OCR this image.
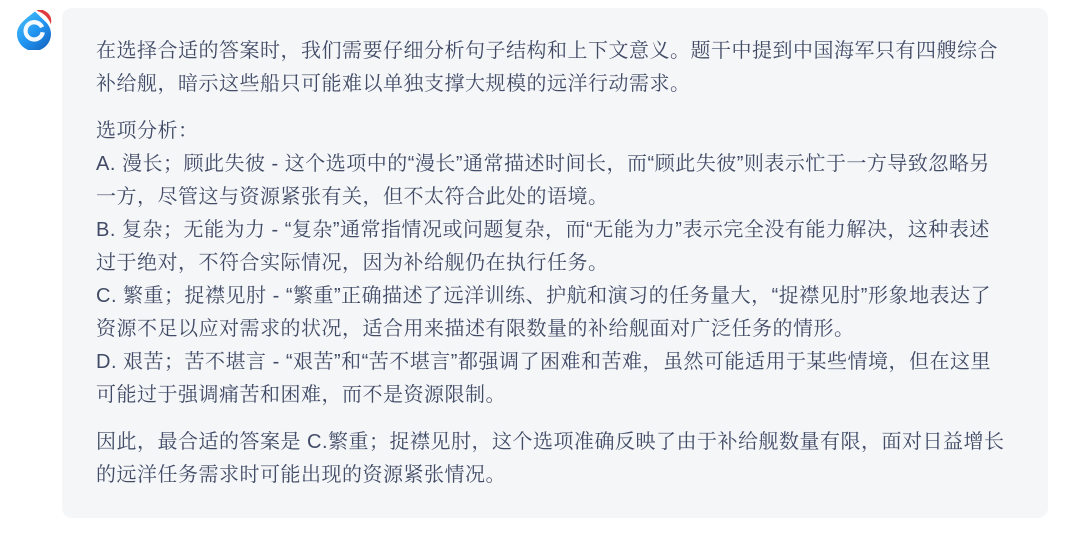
在选择合适的答案时，我们需要仔细分析句子结构和上下文意义。题干中提到中国海军只有四艘综合补给舰，暗示这些船只可能难以单独支撑大规模的远洋行动需求。

选项分析：
A. 漫长；顾此失彼 - 这个选项中的“漫长”通常描述时间长，而“顾此失彼”则表示忙于一方导致忽略另一方，尽管这与资源紧张有关，但不太符合此处的语境。
B. 复杂；无能为力 - “复杂”通常指情况或问题复杂，而“无能为力”表示完全没有能力解决，这种表述过于绝对，不符合实际情况，因为补给舰仍在执行任务。
C. 繁重；捉襟见肘 - “繁重”正确描述了远洋训练、护航和演习的任务量大，“捉襟见肘”形象地表达了资源不足以应对需求的状况，适合用来描述有限数量的补给舰面对广泛任务的情形。
D. 艰苦；苦不堪言 - “艰苦”和“苦不堪言”都强调了困难和苦难，虽然可能适用于某些情境，但在这里可能过于强调痛苦和困难，而不是资源限制。

因此，最合适的答案是 C.繁重；捉襟见肘，这个选项准确反映了由于补给舰数量有限，面对日益增长的远洋任务需求时可能出现的资源紧张情况。
